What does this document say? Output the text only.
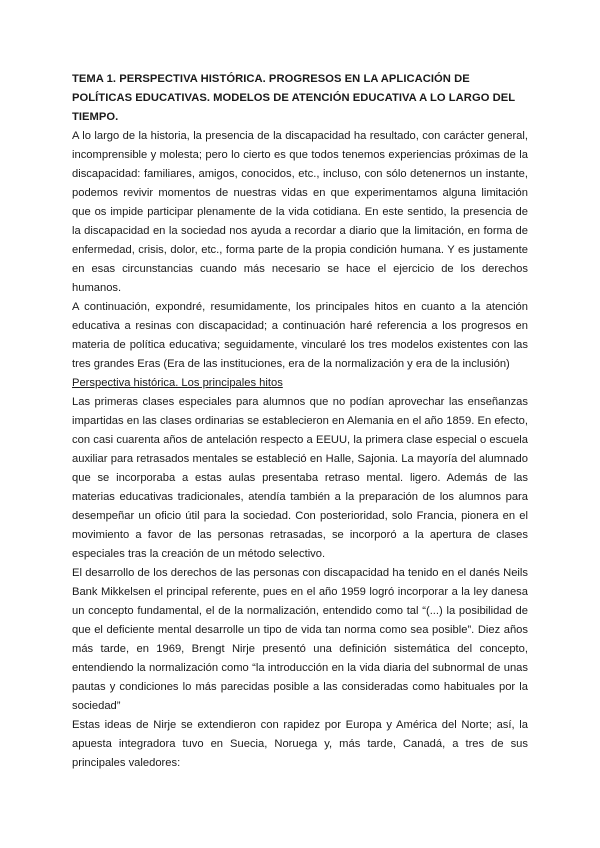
TEMA 1. PERSPECTIVA HISTÓRICA. PROGRESOS EN LA APLICACIÓN DE POLÍTICAS EDUCATIVAS. MODELOS DE ATENCIÓN EDUCATIVA A LO LARGO DEL TIEMPO.

A lo largo de la historia, la presencia de la discapacidad ha resultado, con carácter general, incomprensible y molesta; pero lo cierto es que todos tenemos experiencias próximas de la discapacidad: familiares, amigos, conocidos, etc., incluso, con sólo detenernos un instante, podemos revivir momentos de nuestras vidas en que experimentamos alguna limitación que os impide participar plenamente de la vida cotidiana. En este sentido, la presencia de la discapacidad en la sociedad nos ayuda a recordar a diario que la limitación, en forma de enfermedad, crisis, dolor, etc., forma parte de la propia condición humana. Y es justamente en esas circunstancias cuando más necesario se hace el ejercicio de los derechos humanos.

A continuación, expondré, resumidamente, los principales hitos en cuanto a la atención educativa a resinas con discapacidad; a continuación haré referencia a los progresos en materia de política educativa; seguidamente, vincularé los tres modelos existentes con las tres grandes Eras (Era de las instituciones, era de la normalización y era de la inclusión)

Perspectiva histórica. Los principales hitos

Las primeras clases especiales para alumnos que no podían aprovechar las enseñanzas impartidas en las clases ordinarias se establecieron en Alemania en el año 1859. En efecto, con casi cuarenta años de antelación respecto a EEUU, la primera clase especial o escuela auxiliar para retrasados mentales se estableció en Halle, Sajonia. La mayoría del alumnado que se incorporaba a estas aulas presentaba retraso mental. ligero. Además de las materias educativas tradicionales, atendía también a la preparación de los alumnos para desempeñar un oficio útil para la sociedad. Con posterioridad, solo Francia, pionera en el movimiento a favor de las personas retrasadas, se incorporó a la apertura de clases especiales tras la creación de un método selectivo.

El desarrollo de los derechos de las personas con discapacidad ha tenido en el danés Neils Bank Mikkelsen el principal referente, pues en el año 1959 logró incorporar a la ley danesa un concepto fundamental, el de la normalización, entendido como tal “(...) la posibilidad de que el deficiente mental desarrolle un tipo de vida tan norma como sea posible”. Diez años más tarde, en 1969, Brengt Nirje presentó una definición sistemática del concepto, entendiendo la normalización como “la introducción en la vida diaria del subnormal de unas pautas y condiciones lo más parecidas posible a las consideradas como habituales por la sociedad”

Estas ideas de Nirje se extendieron con rapidez por Europa y América del Norte; así, la apuesta integradora tuvo en Suecia, Noruega y, más tarde, Canadá, a tres de sus principales valedores:
